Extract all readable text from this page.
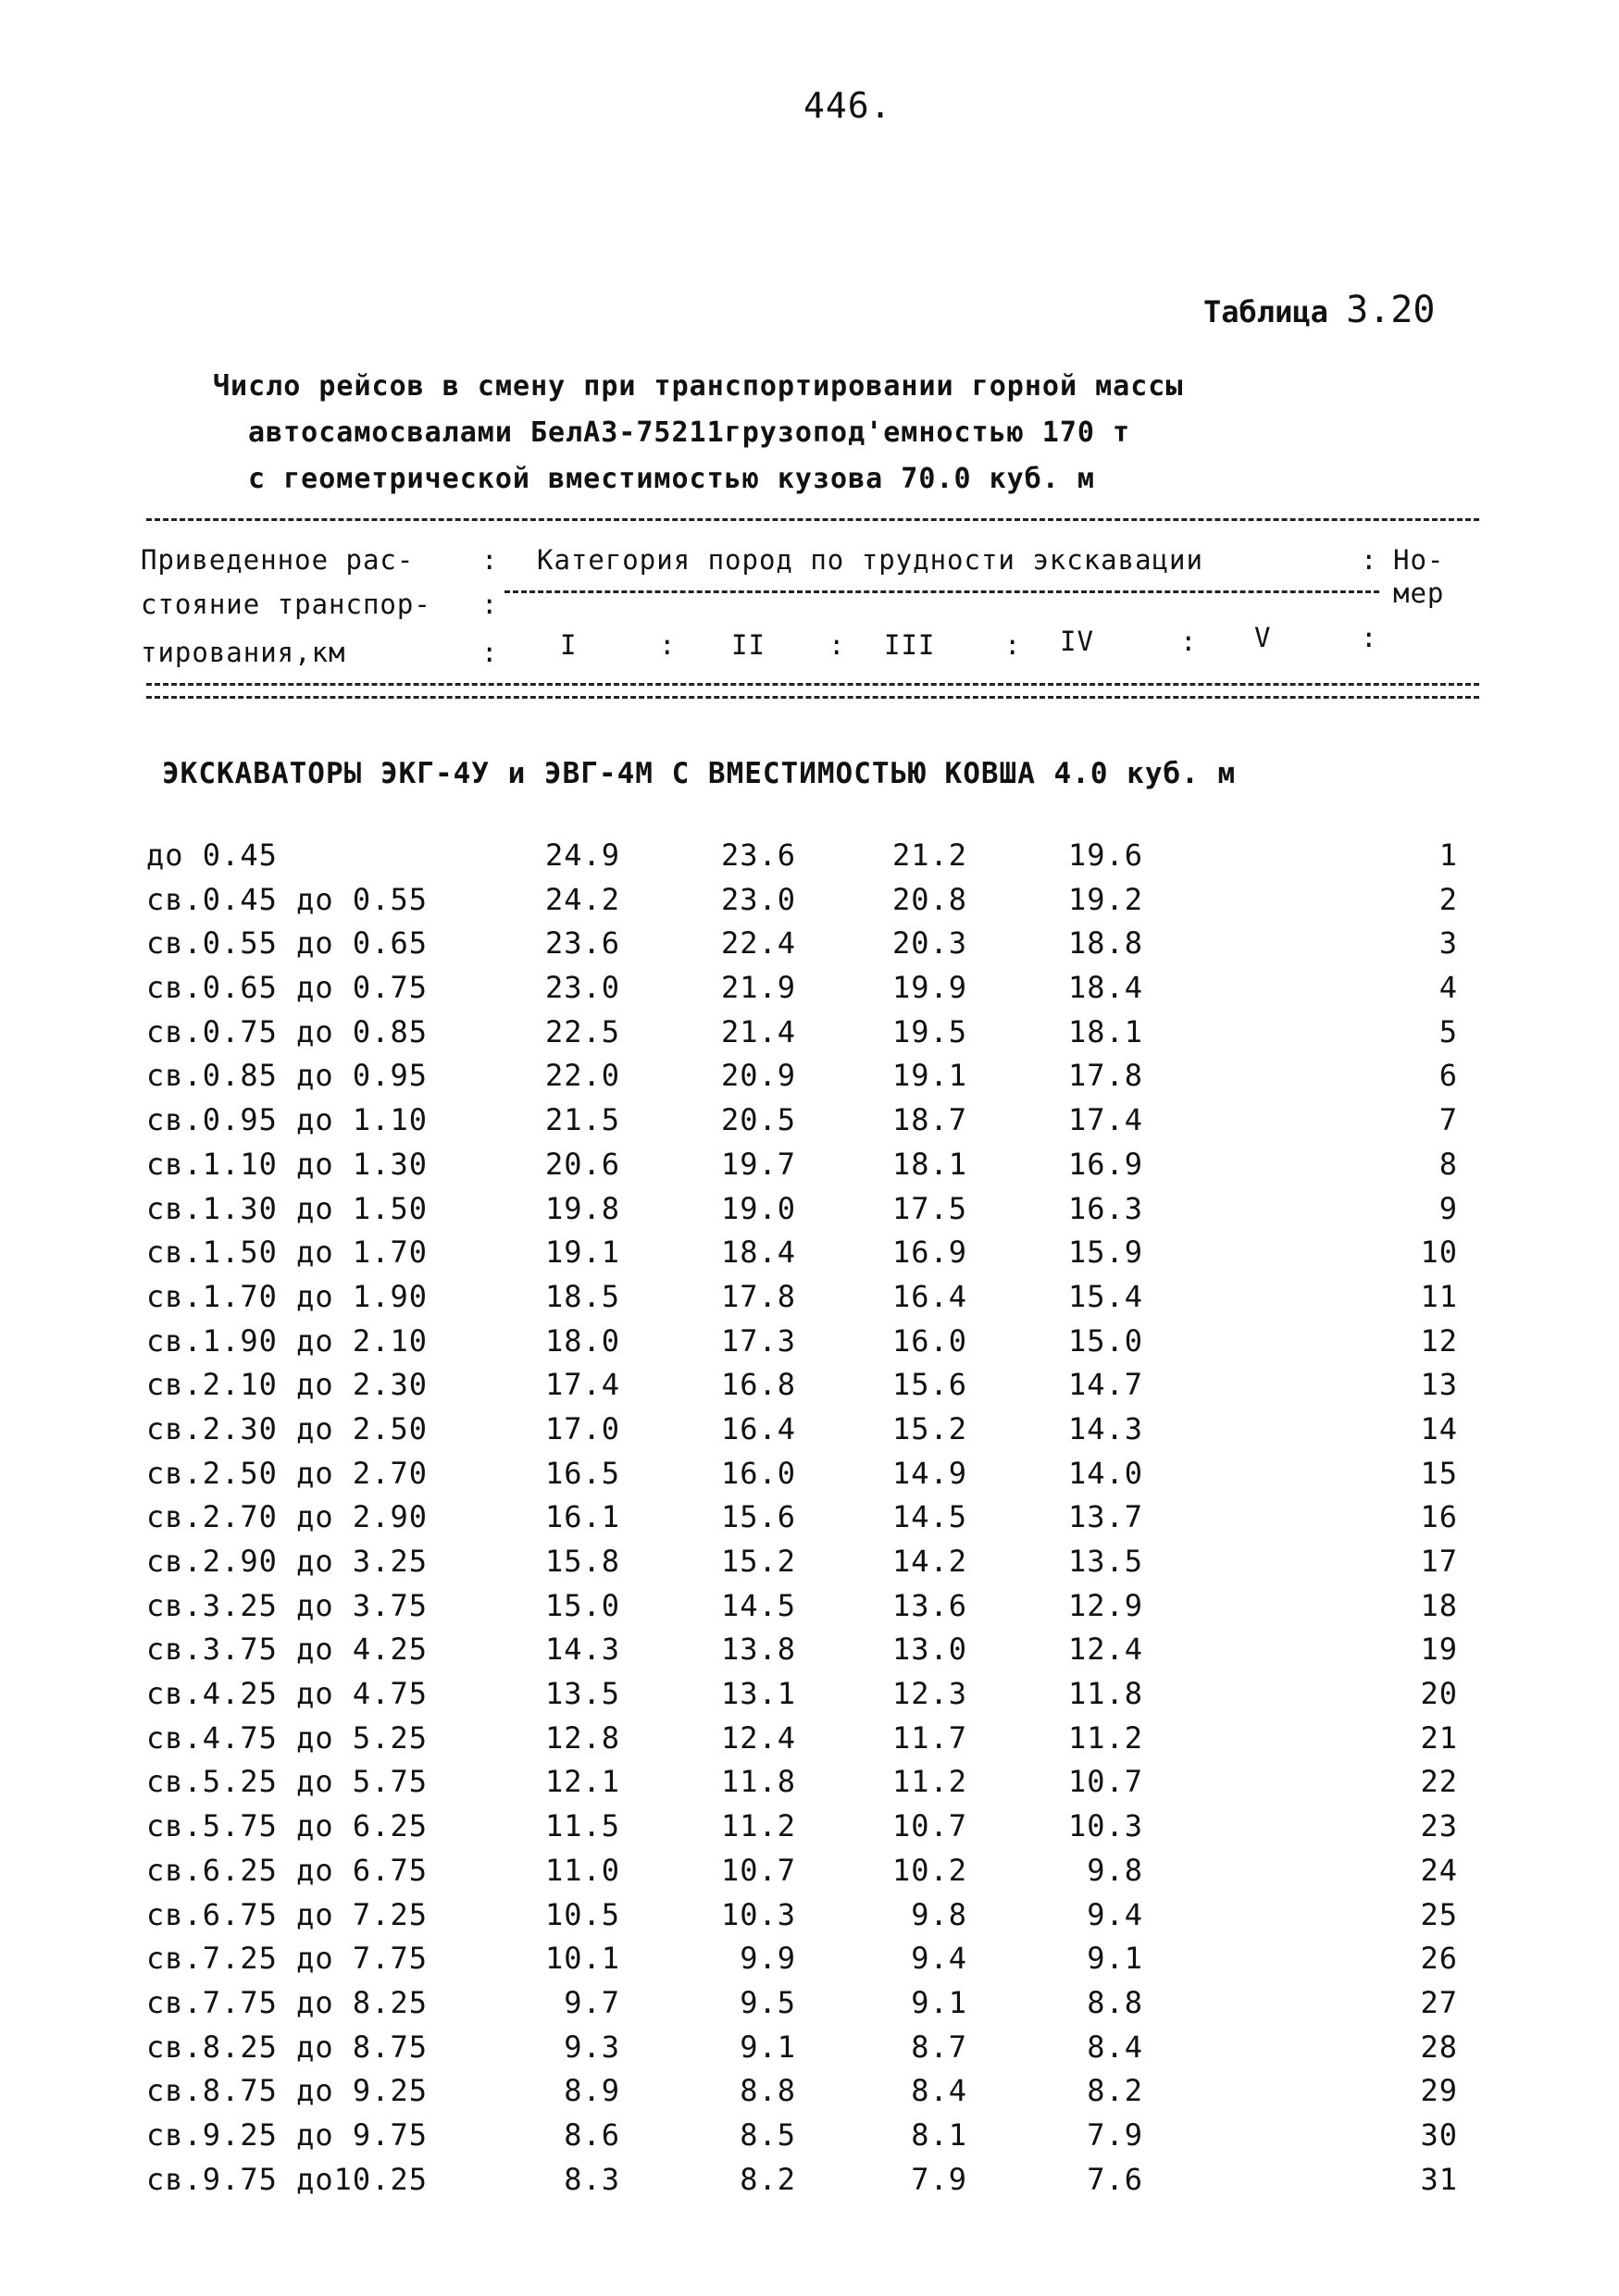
446.
Таблица 3.20
Число рейсов в смену при транспортировании горной массы
автосамосвалами БелАЗ-75211грузопод'емностью 170 т
с геометрической вместимостью кузова 70.0 куб. м
Приведенное рас-
стояние транспор-
тирования,км
:
:
:
Категория пород по трудности экскавации	: Но-
мер
I	: II : III	: IV	: V	:
ЭКСКАВАТОРЫ ЭКГ-4У и ЭВГ-4М С ВМЕСТИМОСТЬЮ КОВША 4.0 куб. м
до 0.45	24.9	23.6	21.2	19.6	1
св.0.45 до 0.55	24.2	23.0	20.8	19.2	2
св.0.55 до 0.65	23.6	22.4	20.3	18.8	3
св.0.65 до 0.75	23.0	21.9	19.9	18.4	4
св.0.75 до 0.85	22.5	21.4	19.5	18.1	5
св.0.85 до 0.95	22.0	20.9	19.1	17.8	6
св.0.95 до 1.10	21.5	20.5	18.7	17.4	7
св.1.10 до 1.30	20.6	19.7	18.1	16.9	8
св.1.30 до 1.50	19.8	19.0	17.5	16.3	9
св.1.50 до 1.70	19.1	18.4	16.9	15.9	10
св.1.70 до 1.90	18.5	17.8	16.4	15.4	11
св.1.90 до 2.10	18.0	17.3	16.0	15.0	12
св.2.10 до 2.30	17.4	16.8	15.6	14.7	13
св.2.30 до 2.50	17.0	16.4	15.2	14.3	14
св.2.50 до 2.70	16.5	16.0	14.9	14.0	15
св.2.70 до 2.90	16.1	15.6	14.5	13.7	16
св.2.90 до 3.25	15.8	15.2	14.2	13.5	17
св.3.25 до 3.75	15.0	14.5	13.6	12.9	18
св.3.75 до 4.25	14.3	13.8	13.0	12.4	19
св.4.25 до 4.75	13.5	13.1	12.3	11.8	20
св.4.75 до 5.25	12.8	12.4	11.7	11.2	21
св.5.25 до 5.75	12.1	11.8	11.2	10.7	22
св.5.75 до 6.25	11.5	11.2	10.7	10.3	23
св.6.25 до 6.75	11.0	10.7	10.2	9.8	24
св.6.75 до 7.25	10.5	10.3	9.8	9.4	25
св.7.25 до 7.75	10.1	9.9	9.4	9.1	26
св.7.75 до 8.25	9.7	9.5	9.1	8.8	27
св.8.25 до 8.75	9.3	9.1	8.7	8.4	28
св.8.75 до 9.25	8.9	8.8	8.4	8.2	29
св.9.25 до 9.75	8.6	8.5	8.1	7.9	30
св.9.75 до10.25	8.3	8.2	7.9	7.6	31
